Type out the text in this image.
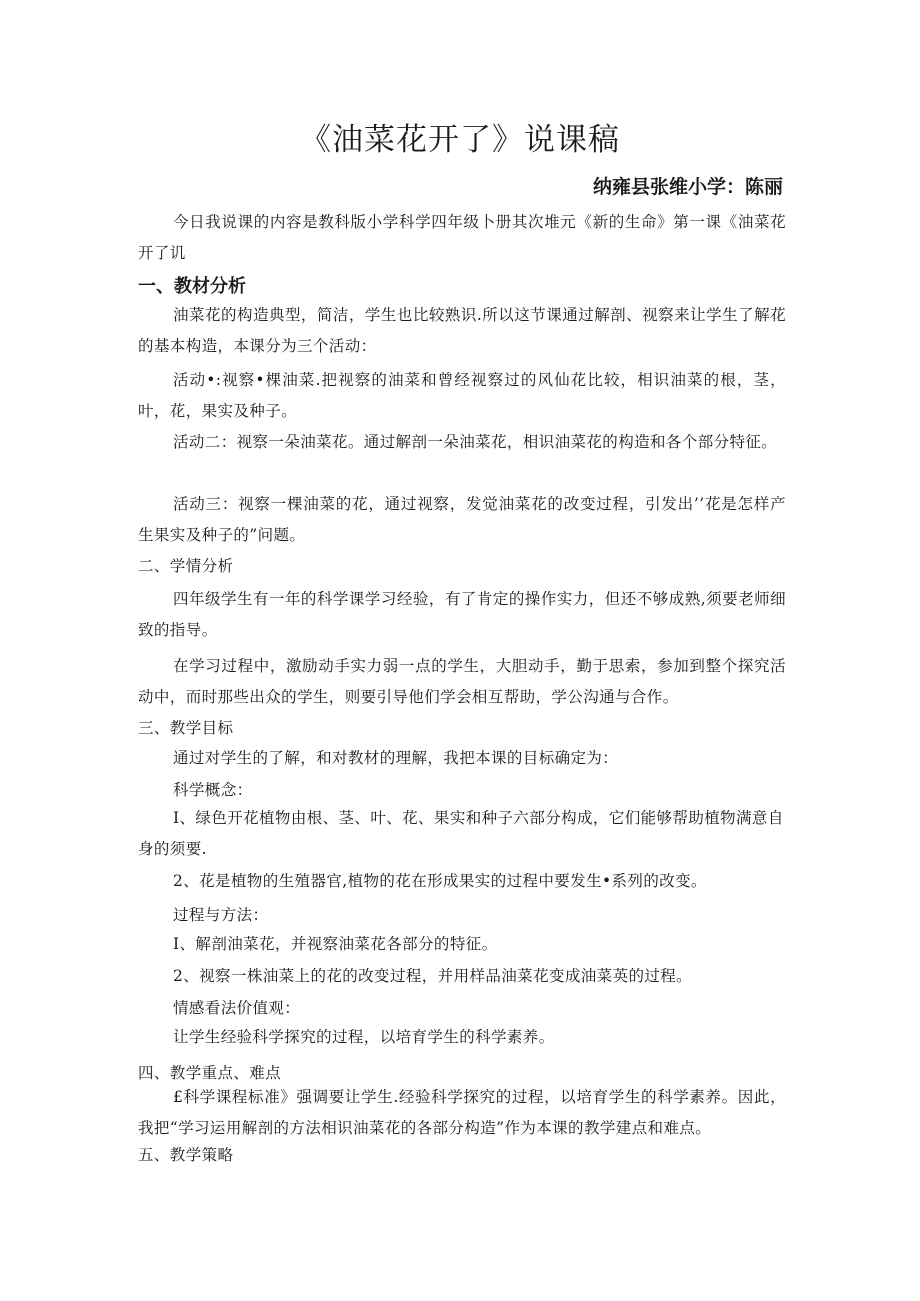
《油菜花开了》说课稿
纳雍县张维小学：陈丽

今日我说课的内容是教科版小学科学四年级卜册其次堆元《新的生命》第一课《油菜花开了讥

一、教材分析

油菜花的构造典型，简洁，学生也比较熟识.所以这节课通过解剖、视察来让学生了解花的基本构造，本课分为三个活动：

活动•:视察•棵油菜.把视察的油菜和曾经视察过的风仙花比较，相识油菜的根，茎，叶，花，果实及种子。

活动二：视察一朵油菜花。通过解剖一朵油菜花，相识油菜花的构造和各个部分特征。

活动三：视察一棵油菜的花，通过视察，发觉油菜花的改变过程，引发出’’花是怎样产生果实及种子的”问题。

二、学情分析

四年级学生有一年的科学课学习经验，有了肯定的操作实力，但还不够成熟,须要老师细致的指导。

在学习过程中，激励动手实力弱一点的学生，大胆动手，勤于思索，参加到整个探究活动中，而时那些出众的学生，则要引导他们学会相互帮助，学公沟通与合作。

三、教学目标

通过对学生的了解，和对教材的理解，我把本课的目标确定为：

科学概念：
I、绿色开花植物由根、茎、叶、花、果实和种子六部分构成，它们能够帮助植物满意自身的须要.
2、花是植物的生殖器官,植物的花在形成果实的过程中要发生•系列的改变。
过程与方法：
I、解剖油菜花，并视察油菜花各部分的特征。
2、视察一株油菜上的花的改变过程，并用样品油菜花变成油菜英的过程。
情感看法价值观：
让学生经验科学探究的过程，以培育学生的科学素养。
四、教学重点、难点

£科学课程标准》强调要让学生.经验科学探究的过程，以培育学生的科学素养。因此，我把“学习运用解剖的方法相识油菜花的各部分构造”作为本课的教学建点和难点。

五、教学策略
